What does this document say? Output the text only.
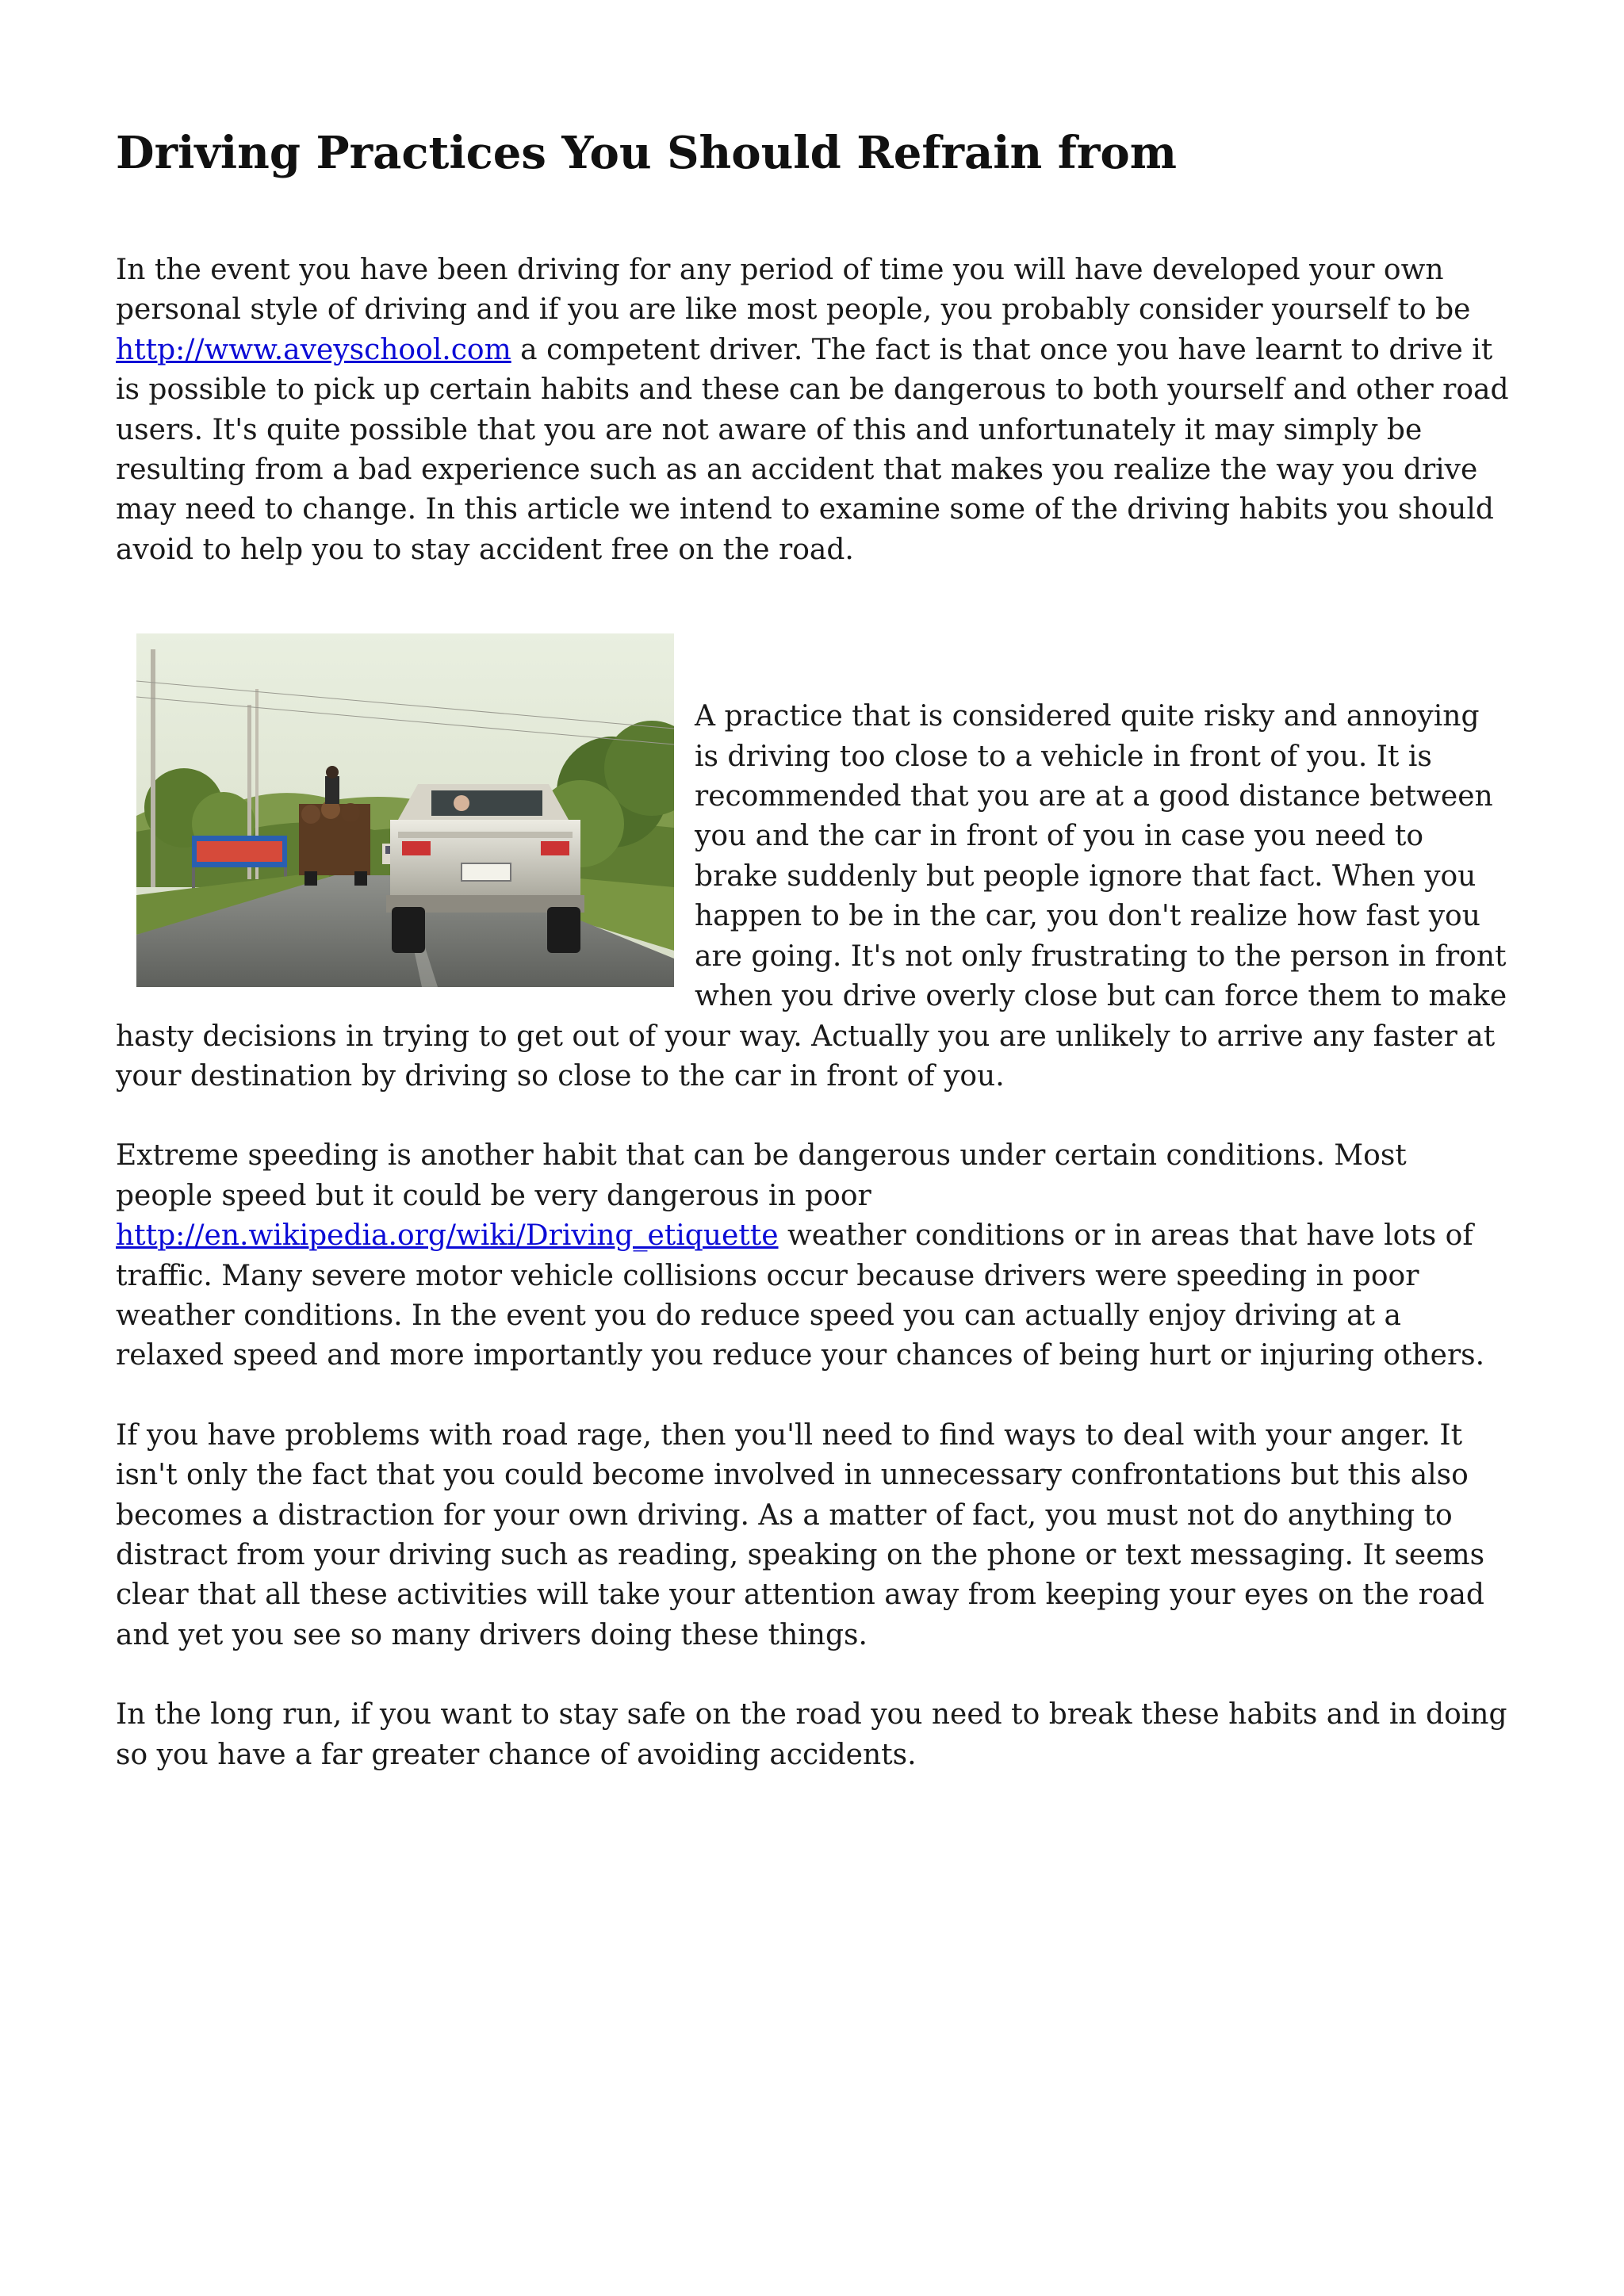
Driving Practices You Should Refrain from

In the event you have been driving for any period of time you will have developed your own personal style of driving and if you are like most people, you probably consider yourself to be http://www.aveyschool.com a competent driver. The fact is that once you have learnt to drive it is possible to pick up certain habits and these can be dangerous to both yourself and other road users. It's quite possible that you are not aware of this and unfortunately it may simply be resulting from a bad experience such as an accident that makes you realize the way you drive may need to change. In this article we intend to examine some of the driving habits you should avoid to help you to stay accident free on the road.

A practice that is considered quite risky and annoying is driving too close to a vehicle in front of you. It is recommended that you are at a good distance between you and the car in front of you in case you need to brake suddenly but people ignore that fact. When you happen to be in the car, you don't realize how fast you are going. It's not only frustrating to the person in front when you drive overly close but can force them to make hasty decisions in trying to get out of your way. Actually you are unlikely to arrive any faster at your destination by driving so close to the car in front of you.

Extreme speeding is another habit that can be dangerous under certain conditions. Most people speed but it could be very dangerous in poor http://en.wikipedia.org/wiki/Driving_etiquette weather conditions or in areas that have lots of traffic. Many severe motor vehicle collisions occur because drivers were speeding in poor weather conditions. In the event you do reduce speed you can actually enjoy driving at a relaxed speed and more importantly you reduce your chances of being hurt or injuring others.

If you have problems with road rage, then you'll need to find ways to deal with your anger. It isn't only the fact that you could become involved in unnecessary confrontations but this also becomes a distraction for your own driving. As a matter of fact, you must not do anything to distract from your driving such as reading, speaking on the phone or text messaging. It seems clear that all these activities will take your attention away from keeping your eyes on the road and yet you see so many drivers doing these things.

In the long run, if you want to stay safe on the road you need to break these habits and in doing so you have a far greater chance of avoiding accidents.
